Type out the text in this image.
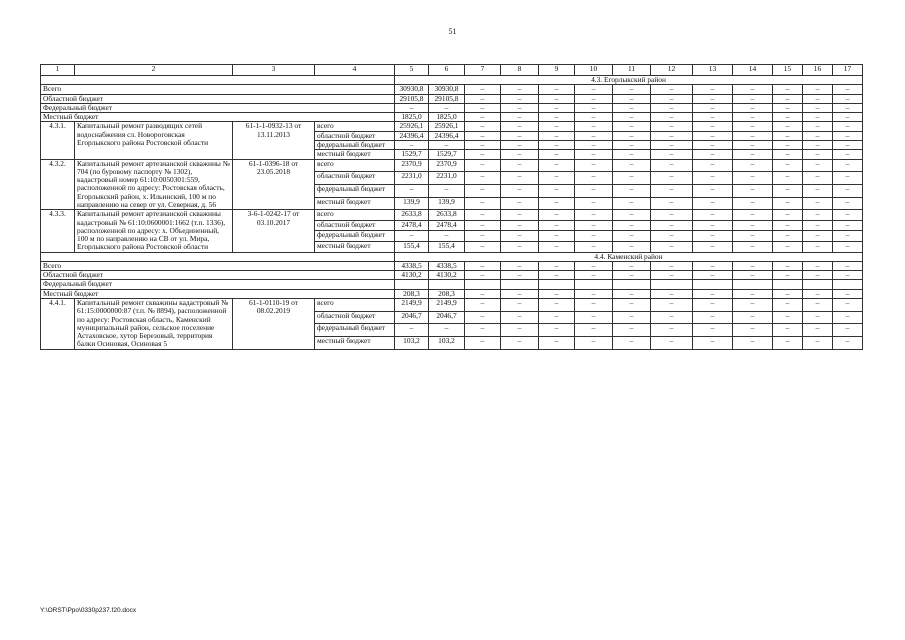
51
1	2	3	4	5	6	7	8	9	10	11	12	13	14	15	16	17
				4.3. Егорлыкский район												
Всего				30930,8	30930,8	–	–	–	–	–	–	–	–	–	–	–
Областной бюджет				29105,8	29105,8	–	–	–	–	–	–	–	–	–	–	–
Федеральный бюджет				–	–	–	–	–	–	–	–	–	–	–	–	–
Местный бюджет				1825,0	1825,0	–	–	–	–	–	–	–	–	–	–	–
4.3.1.	Капитальный ремонт разводящих сетей водоснабжения сл. Новороговская Егорлыкского района Ростовской области	61-1-1-0932-13 от 13.11.2013	всего	25926,1	25926,1	–	–	–	–	–	–	–	–	–	–	–
			областной бюджет	24396,4	24396,4	–	–	–	–	–	–	–	–	–	–	–
			федеральный бюджет	–	–	–	–	–	–	–	–	–	–	–	–	–
			местный бюджет	1529,7	1529,7	–	–	–	–	–	–	–	–	–	–	–
4.3.2.	Капитальный ремонт артезианской скважины № 704 (по буровому паспорту № 1302), кадастровый номер 61:10:0050301:559, расположенной по адресу: Ростовская область, Егорлыкский район, х. Ильинский, 100 м по направлению на север от ул. Северная, д. 56	61-1-0396-18 от 23.05.2018	всего	2370,9	2370,9	–	–	–	–	–	–	–	–	–	–	–
			областной бюджет	2231,0	2231,0	–	–	–	–	–	–	–	–	–	–	–
			федеральный бюджет	–	–	–	–	–	–	–	–	–	–	–	–	–
			местный бюджет	139,9	139,9	–	–	–	–	–	–	–	–	–	–	–
4.3.3.	Капитальный ремонт артезианской скважины кадастровый № 61:10:0600001:1662 (т.п. 1336), расположенной по адресу: х. Объединенный, 100 м по направлению на СВ от ул. Мира, Егорлыкского района Ростовской области	3-6-1-0242-17 от 03.10.2017	всего	2633,8	2633,8	–	–	–	–	–	–	–	–	–	–	–
			областной бюджет	2478,4	2478,4	–	–	–	–	–	–	–	–	–	–	–
			федеральный бюджет	–	–	–	–	–	–	–	–	–	–	–	–	–
			местный бюджет	155,4	155,4	–	–	–	–	–	–	–	–	–	–	–
				4.4. Каменский район												
Всего				4338,5	4338,5	–	–	–	–	–	–	–	–	–	–	–
Областной бюджет				4130,2	4130,2	–	–	–	–	–	–	–	–	–	–	–
Федеральный бюджет																
Местный бюджет				208,3	208,3	–	–	–	–	–	–	–	–	–	–	–
4.4.1.	Капитальный ремонт скважины кадастровый № 61:15:0000000:87 (т.п. № 8894), расположенной по адресу: Ростовская область, Каменский муниципальный район, сельское поселение Астаховское, хутор Березовый, территория балки Осиновая, Осиновая 5	61-1-0110-19 от 08.02.2019	всего	2149,9	2149,9	–	–	–	–	–	–	–	–	–	–	–
			областной бюджет	2046,7	2046,7	–	–	–	–	–	–	–	–	–	–	–
			федеральный бюджет	–	–	–	–	–	–	–	–	–	–	–	–	–
			местный бюджет	103,2	103,2	–	–	–	–	–	–	–	–	–	–	–
Y:\ORST\Ppo\0330p237.f20.docx
